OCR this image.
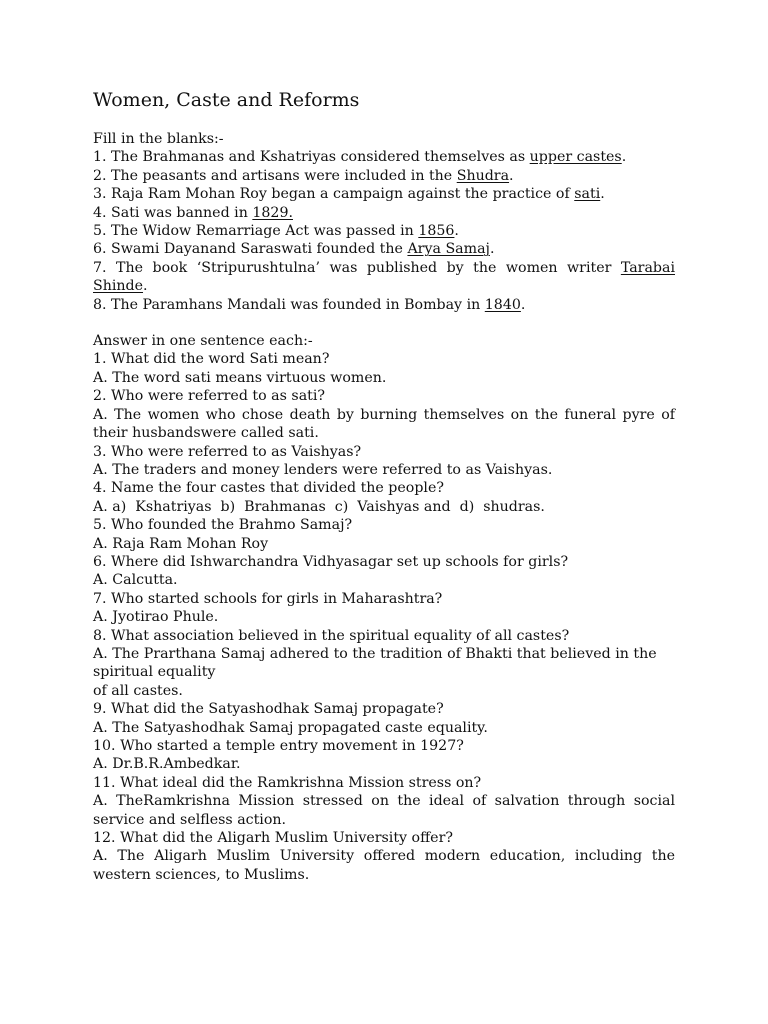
Women, Caste and Reforms

Fill in the blanks:-

1. The Brahmanas and Kshatriyas considered themselves as upper castes.

2. The peasants and artisans were included in the Shudra.

3. Raja Ram Mohan Roy began a campaign against the practice of sati.

4. Sati was banned in 1829.

5. The Widow Remarriage Act was passed in 1856.

6. Swami Dayanand Saraswati founded the Arya Samaj.

7. The book ‘Stripurushtulna’ was published by the women writer Tarabai Shinde.

8. The Paramhans Mandali was founded in Bombay in 1840.

Answer in one sentence each:-

1. What did the word Sati mean?

A. The word sati means virtuous women.

2. Who were referred to as sati?

A. The women who chose death by burning themselves on the funeral pyre of their husbandswere called sati.

3. Who were referred to as Vaishyas?

A. The traders and money lenders were referred to as Vaishyas.

4. Name the four castes that divided the people?

A. a)  Kshatriyas  b)  Brahmanas  c)  Vaishyas and  d)  shudras.

5. Who founded the Brahmo Samaj?

A. Raja Ram Mohan Roy

6. Where did Ishwarchandra Vidhyasagar set up schools for girls?

A. Calcutta.

7. Who started schools for girls in Maharashtra?

A. Jyotirao Phule.

8. What association believed in the spiritual equality of all castes?

A. The Prarthana Samaj adhered to the tradition of Bhakti that believed in the

spiritual equality

of all castes.

9. What did the Satyashodhak Samaj propagate?

A. The Satyashodhak Samaj propagated caste equality.

10. Who started a temple entry movement in 1927?

A. Dr.B.R.Ambedkar.

11. What ideal did the Ramkrishna Mission stress on?

A. TheRamkrishna Mission stressed on the ideal of salvation through social service and selfless action.

12. What did the Aligarh Muslim University offer?

A. The Aligarh Muslim University offered modern education, including the western sciences, to Muslims.
